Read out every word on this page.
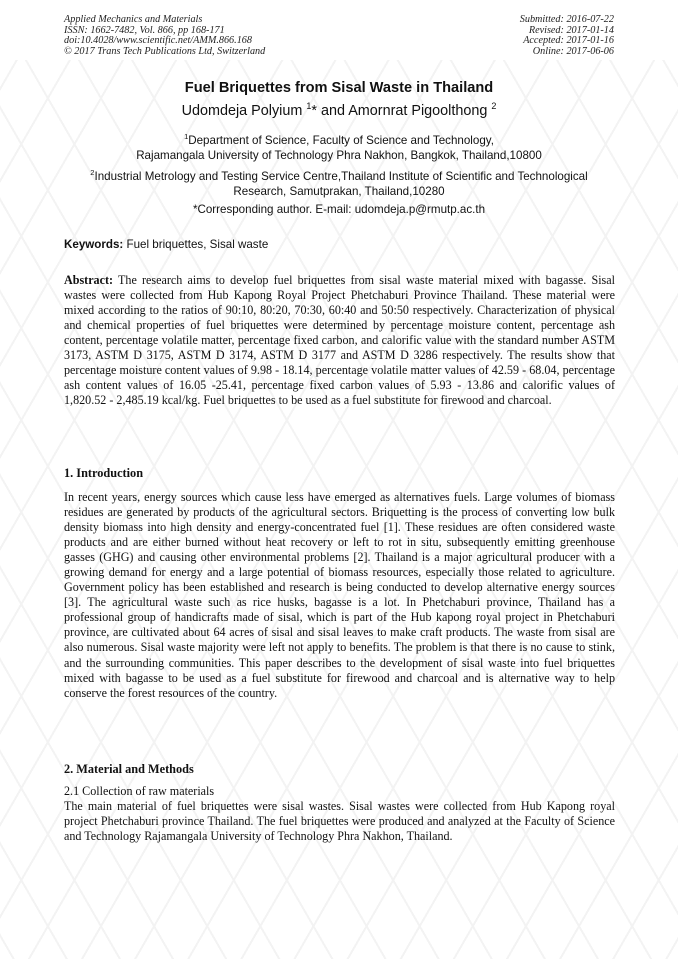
Applied Mechanics and Materials
ISSN: 1662-7482, Vol. 866, pp 168-171
doi:10.4028/www.scientific.net/AMM.866.168
© 2017 Trans Tech Publications Ltd, Switzerland
Submitted: 2016-07-22
Revised: 2017-01-14
Accepted: 2017-01-16
Online: 2017-06-06
Fuel Briquettes from Sisal Waste in Thailand
Udomdeja Polyium $^1$* and Amornrat Pigoolthong $^2$
$^1$Department of Science, Faculty of Science and Technology,
Rajamangala University of Technology Phra Nakhon, Bangkok, Thailand,10800
$^2$Industrial Metrology and Testing Service Centre,Thailand Institute of Scientific and Technological
Research, Samutprakan, Thailand,10280
*Corresponding author. E-mail: udomdeja.p@rmutp.ac.th
Keywords: Fuel briquettes, Sisal waste
Abstract: The research aims to develop fuel briquettes from sisal waste material mixed with bagasse. Sisal wastes were collected from Hub Kapong Royal Project Phetchaburi Province Thailand. These material were mixed according to the ratios of 90:10, 80:20, 70:30, 60:40 and 50:50 respectively. Characterization of physical and chemical properties of fuel briquettes were determined by percentage moisture content, percentage ash content, percentage volatile matter, percentage fixed carbon, and calorific value with the standard number ASTM 3173, ASTM D 3175, ASTM D 3174, ASTM D 3177 and ASTM D 3286 respectively. The results show that percentage moisture content values of 9.98 - 18.14, percentage volatile matter values of 42.59 - 68.04, percentage ash content values of 16.05 -25.41, percentage fixed carbon values of 5.93 - 13.86 and calorific values of 1,820.52 - 2,485.19 kcal/kg. Fuel briquettes to be used as a fuel substitute for firewood and charcoal.
1. Introduction
In recent years, energy sources which cause less have emerged as alternatives fuels. Large volumes of biomass residues are generated by products of the agricultural sectors. Briquetting is the process of converting low bulk density biomass into high density and energy-concentrated fuel [1]. These residues are often considered waste products and are either burned without heat recovery or left to rot in situ, subsequently emitting greenhouse gasses (GHG) and causing other environmental problems [2]. Thailand is a major agricultural producer with a growing demand for energy and a large potential of biomass resources, especially those related to agriculture. Government policy has been established and research is being conducted to develop alternative energy sources [3]. The agricultural waste such as rice husks, bagasse is a lot. In Phetchaburi province, Thailand has a professional group of handicrafts made of sisal, which is part of the Hub kapong royal project in Phetchaburi province, are cultivated about 64 acres of sisal and sisal leaves to make craft products. The waste from sisal are also numerous. Sisal waste majority were left not apply to benefits. The problem is that there is no cause to stink, and the surrounding communities. This paper describes to the development of sisal waste into fuel briquettes mixed with bagasse to be used as a fuel substitute for firewood and charcoal and is alternative way to help conserve the forest resources of the country.
2. Material and Methods
2.1 Collection of raw materials
The main material of fuel briquettes were sisal wastes. Sisal wastes were collected from Hub Kapong royal project Phetchaburi province Thailand. The fuel briquettes were produced and analyzed at the Faculty of Science and Technology Rajamangala University of Technology Phra Nakhon, Thailand.
